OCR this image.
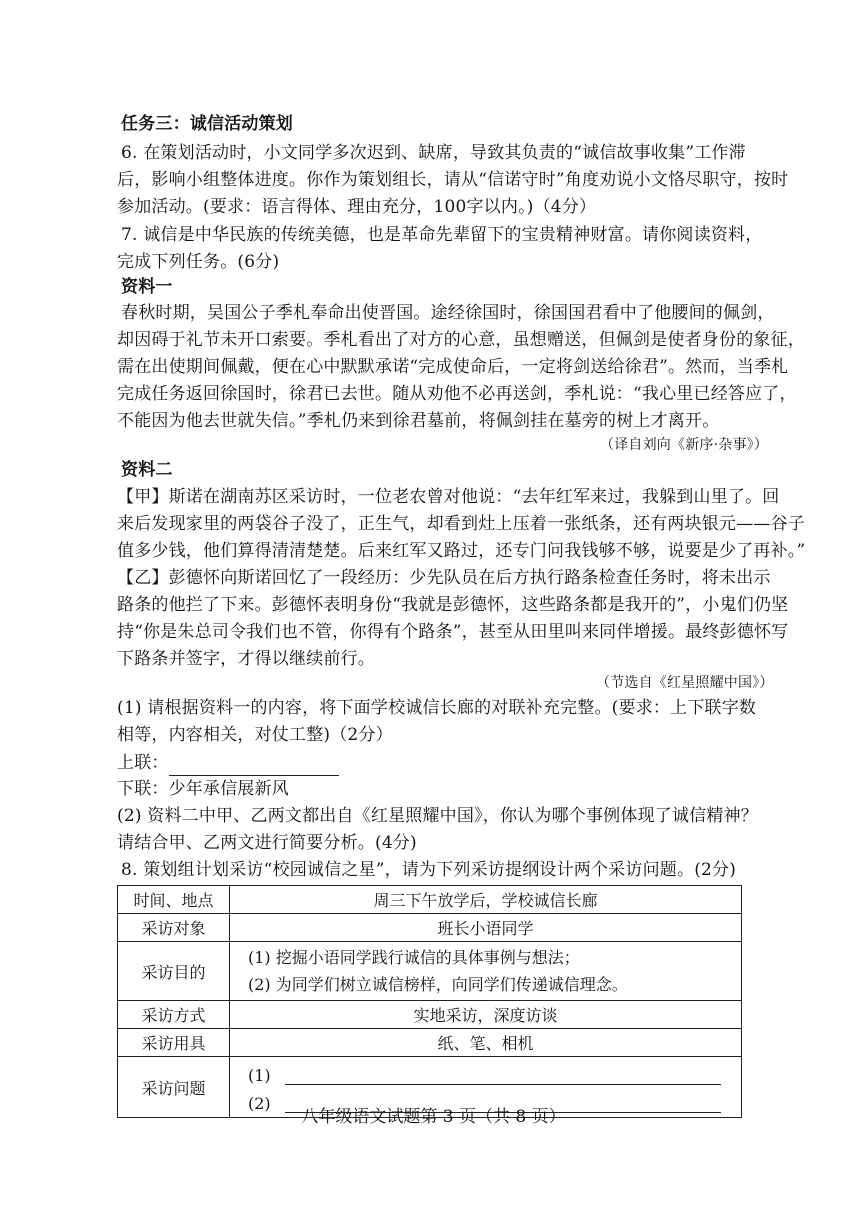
任务三：诚信活动策划
6. 在策划活动时，小文同学多次迟到、缺席，导致其负责的“诚信故事收集”工作滞
后，影响小组整体进度。你作为策划组长，请从“信诺守时”角度劝说小文恪尽职守，按时
参加活动。(要求：语言得体、理由充分，100字以内。)（4分）
7. 诚信是中华民族的传统美德，也是革命先辈留下的宝贵精神财富。请你阅读资料，
完成下列任务。(6分)
资料一
春秋时期，吴国公子季札奉命出使晋国。途经徐国时，徐国国君看中了他腰间的佩剑，
却因碍于礼节未开口索要。季札看出了对方的心意，虽想赠送，但佩剑是使者身份的象征，
需在出使期间佩戴，便在心中默默承诺“完成使命后，一定将剑送给徐君”。然而，当季札
完成任务返回徐国时，徐君已去世。随从劝他不必再送剑，季札说：“我心里已经答应了，
不能因为他去世就失信。”季札仍来到徐君墓前，将佩剑挂在墓旁的树上才离开。
（译自刘向《新序·杂事》）
资料二
【甲】斯诺在湖南苏区采访时，一位老农曾对他说：“去年红军来过，我躲到山里了。回
来后发现家里的两袋谷子没了，正生气，却看到灶上压着一张纸条，还有两块银元——谷子
值多少钱，他们算得清清楚楚。后来红军又路过，还专门问我钱够不够，说要是少了再补。”
【乙】彭德怀向斯诺回忆了一段经历：少先队员在后方执行路条检查任务时，将未出示
路条的他拦了下来。彭德怀表明身份“我就是彭德怀，这些路条都是我开的”，小鬼们仍坚
持“你是朱总司令我们也不管，你得有个路条”，甚至从田里叫来同伴增援。最终彭德怀写
下路条并签字，才得以继续前行。
（节选自《红星照耀中国》）
(1) 请根据资料一的内容，将下面学校诚信长廊的对联补充完整。(要求：上下联字数
相等，内容相关，对仗工整)（2分）
上联：
下联：少年承信展新风
(2) 资料二中甲、乙两文都出自《红星照耀中国》，你认为哪个事例体现了诚信精神？
请结合甲、乙两文进行简要分析。(4分)
8. 策划组计划采访“校园诚信之星”，请为下列采访提纲设计两个采访问题。(2分)
时间、地点	周三下午放学后，学校诚信长廊
采访对象	班长小语同学
采访目的	(1) 挖掘小语同学践行诚信的具体事例与想法；
(2) 为同学们树立诚信榜样，向同学们传递诚信理念。

采访方式	实地采访，深度访谈
采访用具	纸、笔、相机
采访问题	(1)
(2)
八年级语文试题第 3 页（共 8 页）
